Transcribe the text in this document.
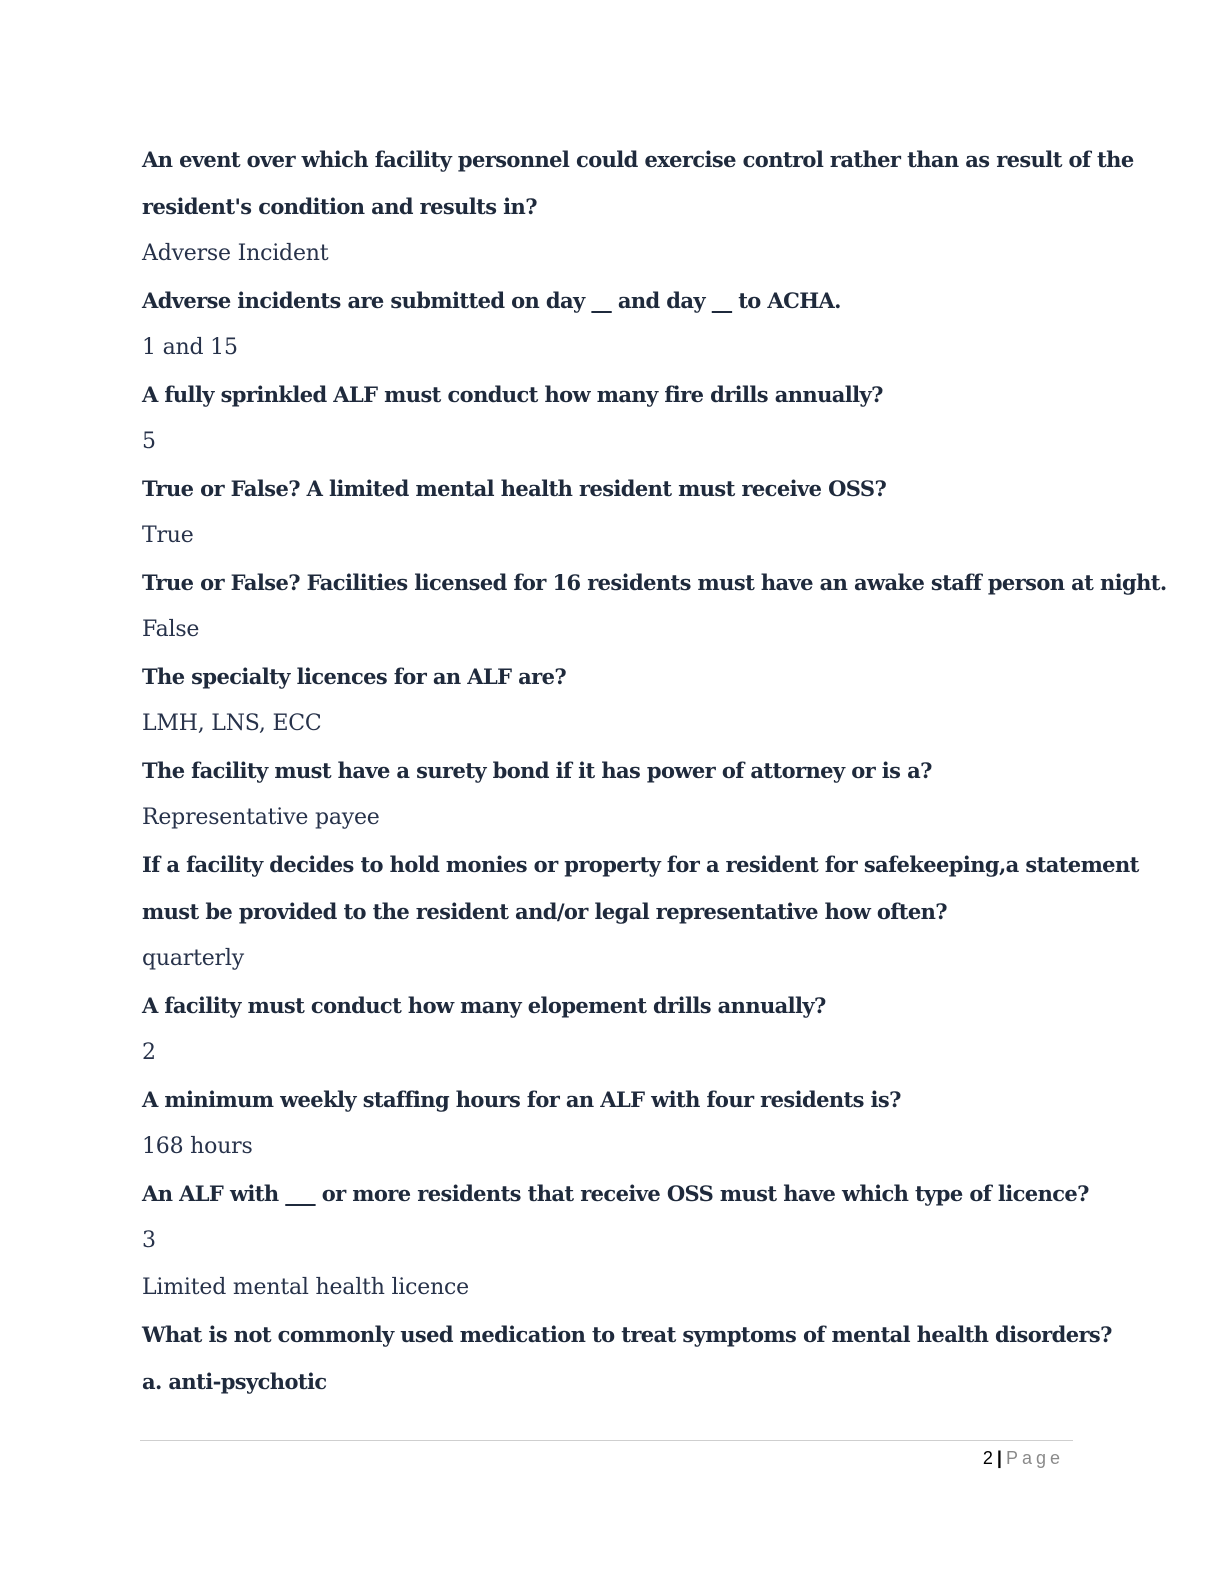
An event over which facility personnel could exercise control rather than as result of the
resident's condition and results in?
Adverse Incident
Adverse incidents are submitted on day __ and day __ to ACHA.
1 and 15
A fully sprinkled ALF must conduct how many fire drills annually?
5
True or False? A limited mental health resident must receive OSS?
True
True or False? Facilities licensed for 16 residents must have an awake staff person at night.
False
The specialty licences for an ALF are?
LMH, LNS, ECC
The facility must have a surety bond if it has power of attorney or is a?
Representative payee
If a facility decides to hold monies or property for a resident for safekeeping,a statement
must be provided to the resident and/or legal representative how often?
quarterly
A facility must conduct how many elopement drills annually?
2
A minimum weekly staffing hours for an ALF with four residents is?
168 hours
An ALF with ___ or more residents that receive OSS must have which type of licence?
3
Limited mental health licence
What is not commonly used medication to treat symptoms of mental health disorders?
a. anti-psychotic
2 | Page
